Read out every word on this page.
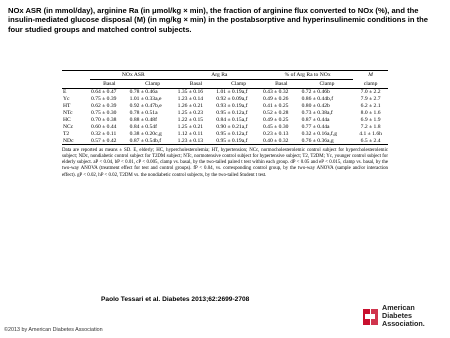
NOx ASR (in mmol/day), arginine Ra (in μmol/kg × min), the fraction of arginine flux converted to NOx (%), and the insulin-mediated glucose disposal (M) (in mg/kg × min) in the postabsorptive and hyperinsulinemic conditions in the four studied groups and matched control subjects.
	NOx ASR		Arg Ra		% of Arg Ra to NOx		M
	Basal	Clamp	Basal	Clamp	Basal	Clamp	clamp
E	0.64 ± 0.47	0.78 ± 0.46a	1.35 ± 0.16	1.01 ± 0.19a,f	0.43 ± 0.32	0.72 ± 0.46b	7.0 ± 2.2
Yc	0.75 ± 0.39	1.01 ± 0.33a,e	1.23 ± 0.14	0.92 ± 0.09a,f	0.49 ± 0.26	0.86 ± 0.44b,f	7.9 ± 2.7
HT	0.62 ± 0.39	0.92 ± 0.47b,e	1.26 ± 0.21	0.93 ± 0.19a,f	0.41 ± 0.25	0.80 ± 0.42b	6.2 ± 2.1
NTc	0.75 ± 0.30	0.78 ± 0.51a	1.25 ± 0.23	0.95 ± 0.12a,f	0.52 ± 0.28	0.73 ± 0.38a,f	8.0 ± 1.6
HC	0.70 ± 0.38	0.88 ± 0.48f	1.22 ± 0.15	0.84 ± 0.15a,f	0.49 ± 0.25	0.87 ± 0.44a	6.9 ± 1.9
NCc	0.60 ± 0.44	0.84 ± 0.54f	1.25 ± 0.21	0.90 ± 0.21a,f	0.45 ± 0.30	0.77 ± 0.44a	7.2 ± 1.8
T2	0.32 ± 0.11	0.38 ± 0.20c,g	1.12 ± 0.11	0.95 ± 0.12a,f	0.23 ± 0.13	0.32 ± 0.16a,f,g	4.1 ± 1.6h
NDc	0.57 ± 0.42	0.87 ± 0.54b,f	1.23 ± 0.13	0.95 ± 0.19a,f	0.40 ± 0.32	0.76 ± 0.36a,g	6.5 ± 2.4
Data are reported as means ± SD. E, elderly; HC, hypercholesterolemia; HT, hypertension; NCc, normocholesterolemic control subject for hypercholesterolemic subject; NDc, nondiabetic control subject for T2DM subject; NTc, normotensive control subject for hypertensive subject; T2, T2DM; Yc, younger control subject for elderly subject. aP < 0.04, bP < 0.01, cP < 0.005, clamp vs. basal, by the two-tailed paired t test within each group. dP < 0.05 and eP < 0.015, clamp vs. basal, by the two-way ANOVA (treatment effect for test and control groups). fP < 0.04, vs. corresponding control group, by the two-way ANOVA (sample and/or interaction effect). gP < 0.02, hP < 0.02, T2DM vs. the nondiabetic control subjects, by the two-tailed Student t test.
Paolo Tessari et al. Diabetes 2013;62:2699-2708
©2013 by American Diabetes Association
American
Diabetes
Association.
